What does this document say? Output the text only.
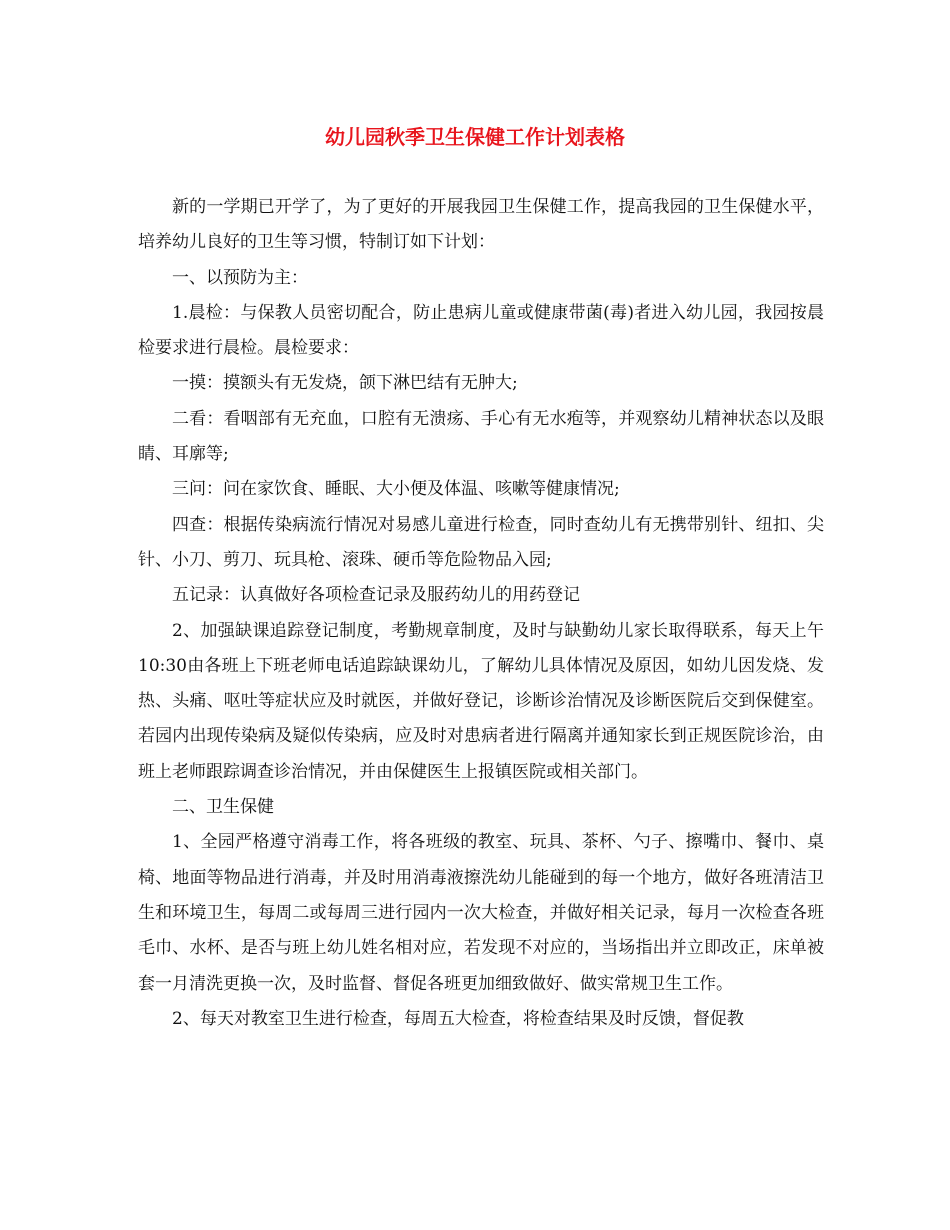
幼儿园秋季卫生保健工作计划表格

新的一学期已开学了，为了更好的开展我园卫生保健工作，提高我园的卫生保健水平，培养幼儿良好的卫生等习惯，特制订如下计划：

一、以预防为主：

1.晨检：与保教人员密切配合，防止患病儿童或健康带菌(毒)者进入幼儿园，我园按晨检要求进行晨检。晨检要求：

一摸：摸额头有无发烧，颌下淋巴结有无肿大;

二看：看咽部有无充血，口腔有无溃疡、手心有无水疱等，并观察幼儿精神状态以及眼睛、耳廓等;

三问：问在家饮食、睡眠、大小便及体温、咳嗽等健康情况;

四查：根据传染病流行情况对易感儿童进行检查，同时查幼儿有无携带别针、纽扣、尖针、小刀、剪刀、玩具枪、滚珠、硬币等危险物品入园;

五记录：认真做好各项检查记录及服药幼儿的用药登记

2、加强缺课追踪登记制度，考勤规章制度，及时与缺勤幼儿家长取得联系，每天上午10:30由各班上下班老师电话追踪缺课幼儿，了解幼儿具体情况及原因，如幼儿因发烧、发热、头痛、呕吐等症状应及时就医，并做好登记，诊断诊治情况及诊断医院后交到保健室。若园内出现传染病及疑似传染病，应及时对患病者进行隔离并通知家长到正规医院诊治，由班上老师跟踪调查诊治情况，并由保健医生上报镇医院或相关部门。

二、卫生保健

1、全园严格遵守消毒工作，将各班级的教室、玩具、茶杯、勺子、擦嘴巾、餐巾、桌椅、地面等物品进行消毒，并及时用消毒液擦洗幼儿能碰到的每一个地方，做好各班清洁卫生和环境卫生，每周二或每周三进行园内一次大检查，并做好相关记录，每月一次检查各班毛巾、水杯、是否与班上幼儿姓名相对应，若发现不对应的，当场指出并立即改正，床单被套一月清洗更换一次，及时监督、督促各班更加细致做好、做实常规卫生工作。

2、每天对教室卫生进行检查，每周五大检查，将检查结果及时反馈，督促教
